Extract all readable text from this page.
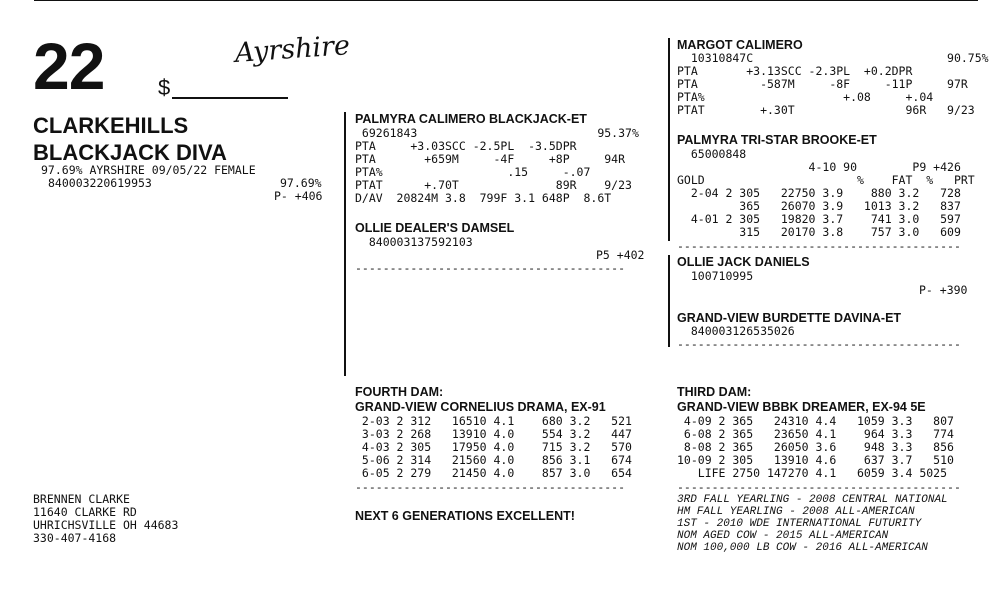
22 $
Ayrshire
CLARKEHILLS
BLACKJACK DIVA
97.69% AYRSHIRE 09/05/22 FEMALE
840003220619953	97.69%
P- +406
PALMYRA CALIMERO BLACKJACK-ET
69261843                          95.37%
PTA     +3.03SCC -2.5PL  -3.5DPR
PTA       +659M     -4F     +8P     94R
PTA%                  .15     -.07
PTAT      +.70T              89R    9/23
D/AV  20824M 3.8  799F 3.1 648P  8.6T
OLLIE DEALER'S DAMSEL
840003137592103
P5 +402
---------------------------------------
MARGOT CALIMERO
10310847C                            90.75%
PTA       +3.13SCC -2.3PL  +0.2DPR
PTA         -587M     -8F     -11P     97R
PTA%                    +.08     +.04
PTAT        +.30T                96R   9/23
PALMYRA TRI-STAR BROOKE-ET
65000848
4-10 90        P9 +426
GOLD                      %    FAT  %   PRT
2-04 2 305   22750 3.9    880 3.2   728
365   26070 3.9   1013 3.2   837
4-01 2 305   19820 3.7    741 3.0   597
315   20170 3.8    757 3.0   609
-----------------------------------------
OLLIE JACK DANIELS
100710995
P- +390
GRAND-VIEW BURDETTE DAVINA-ET
840003126535026
-----------------------------------------
FOURTH DAM:
GRAND-VIEW CORNELIUS DRAMA, EX-91
2-03 2 312   16510 4.1    680 3.2   521
3-03 2 268   13910 4.0    554 3.2   447
4-03 2 305   17950 4.0    715 3.2   570
5-06 2 314   21560 4.0    856 3.1   674
6-05 2 279   21450 4.0    857 3.0   654
---------------------------------------
NEXT 6 GENERATIONS EXCELLENT!
THIRD DAM:
GRAND-VIEW BBBK DREAMER, EX-94 5E
4-09 2 365   24310 4.4   1059 3.3   807
6-08 2 365   23650 4.1    964 3.3   774
8-08 2 365   26050 3.6    948 3.3   856
10-09 2 305   13910 4.6    637 3.7   510
LIFE 2750 147270 4.1   6059 3.4 5025
-----------------------------------------
3RD FALL YEARLING - 2008 CENTRAL NATIONAL
HM FALL YEARLING - 2008 ALL-AMERICAN
1ST - 2010 WDE INTERNATIONAL FUTURITY
NOM AGED COW - 2015 ALL-AMERICAN
NOM 100,000 LB COW - 2016 ALL-AMERICAN
BRENNEN CLARKE
11640 CLARKE RD
UHRICHSVILLE OH 44683
330-407-4168
